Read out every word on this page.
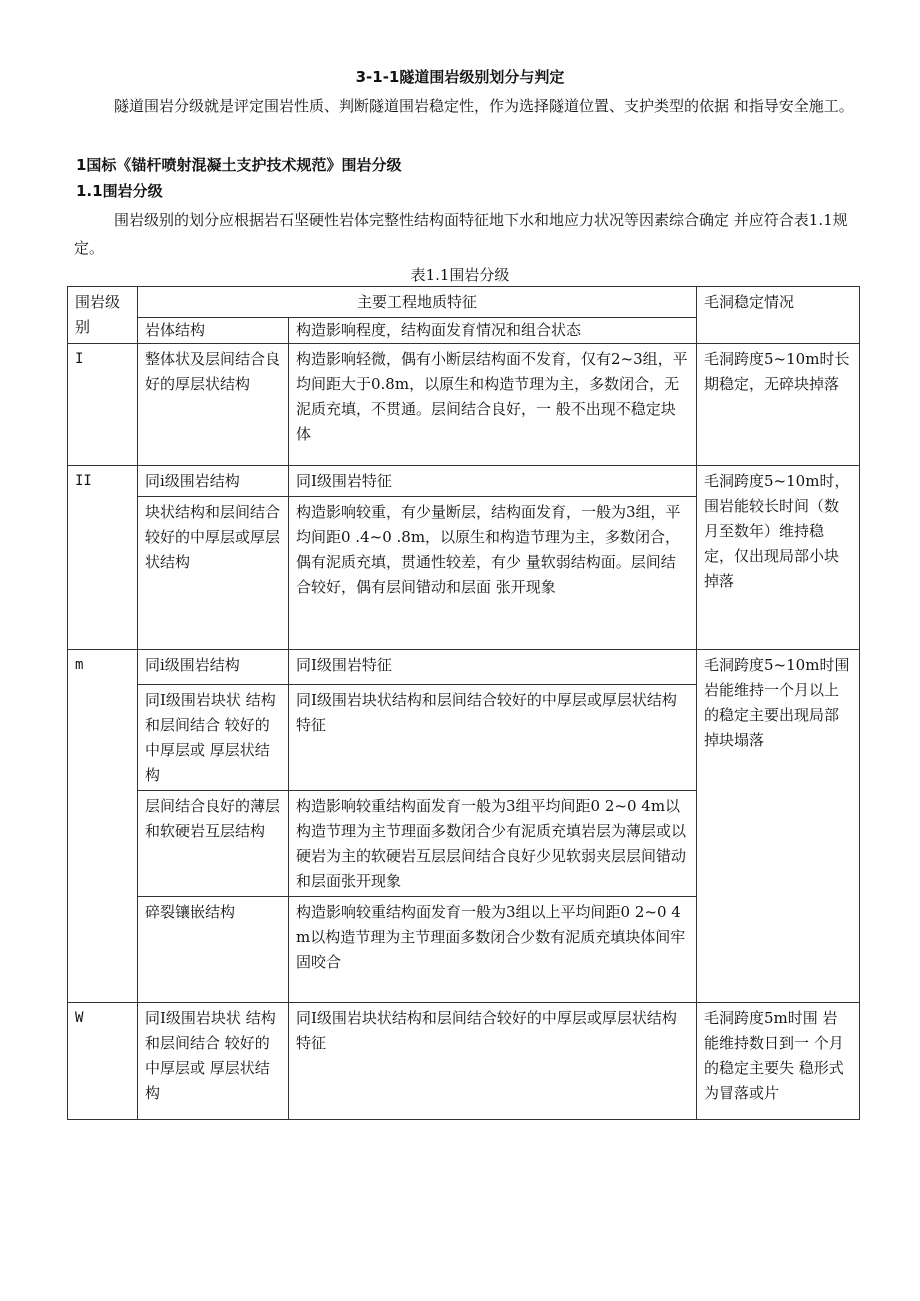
3-1-1隧道围岩级别划分与判定
隧道围岩分级就是评定围岩性质、判断隧道围岩稳定性，作为选择隧道位置、支护类型的依据 和指导安全施工。
1国标《锚杆喷射混凝土支护技术规范》围岩分级
1.1围岩分级
围岩级别的划分应根据岩石坚硬性岩体完整性结构面特征地下水和地应力状况等因素综合确定 并应符合表1.1规定。
表1.1围岩分级
围岩级别	主要工程地质特征		毛洞稳定情况
	岩体结构	构造影响程度，结构面发育情况和组合状态	
I	整体状及层间结合良好的厚层状结构	构造影响轻微，偶有小断层结构面不发育，仅有2~3组，平均间距大于0.8m，以原生和构造节理为主，多数闭合，无泥质充填，不贯通。层间结合良好，一 般不出现不稳定块体	毛洞跨度5~10m时长期稳定，无碎块掉落
II	同i级围岩结构	同I级围岩特征	毛洞跨度5~10m时，围岩能较长时间（数月至数年）维持稳定，仅出现局部小块掉落
	块状结构和层间结合较好的中厚层或厚层状结构	构造影响较重，有少量断层，结构面发育，一般为3组，平均间距0 .4~0 .8m，以原生和构造节理为主，多数闭合，偶有泥质充填，贯通性较差，有少 量软弱结构面。层间结合较好，偶有层间错动和层面 张开现象	
m	同i级围岩结构	同I级围岩特征	毛洞跨度5~10m时围岩能维持一个月以上的稳定主要出现局部掉块塌落
	同I级围岩块状 结构和层间结合 较好的中厚层或 厚层状结构	同I级围岩块状结构和层间结合较好的中厚层或厚层状结构特征	
	层间结合良好的薄层和软硬岩互层结构	构造影响较重结构面发育一般为3组平均间距0 2~0 4m以构造节理为主节理面多数闭合少有泥质充填岩层为薄层或以硬岩为主的软硬岩互层层间结合良好少见软弱夹层层间错动和层面张开现象	
	碎裂镶嵌结构	构造影响较重结构面发育一般为3组以上平均间距0 2~0 4m以构造节理为主节理面多数闭合少数有泥质充填块体间牢固咬合	
W	同I级围岩块状 结构和层间结合 较好的中厚层或 厚层状结构	同I级围岩块状结构和层间结合较好的中厚层或厚层状结构特征	毛洞跨度5m时围 岩能维持数日到一 个月的稳定主要失 稳形式为冒落或片
